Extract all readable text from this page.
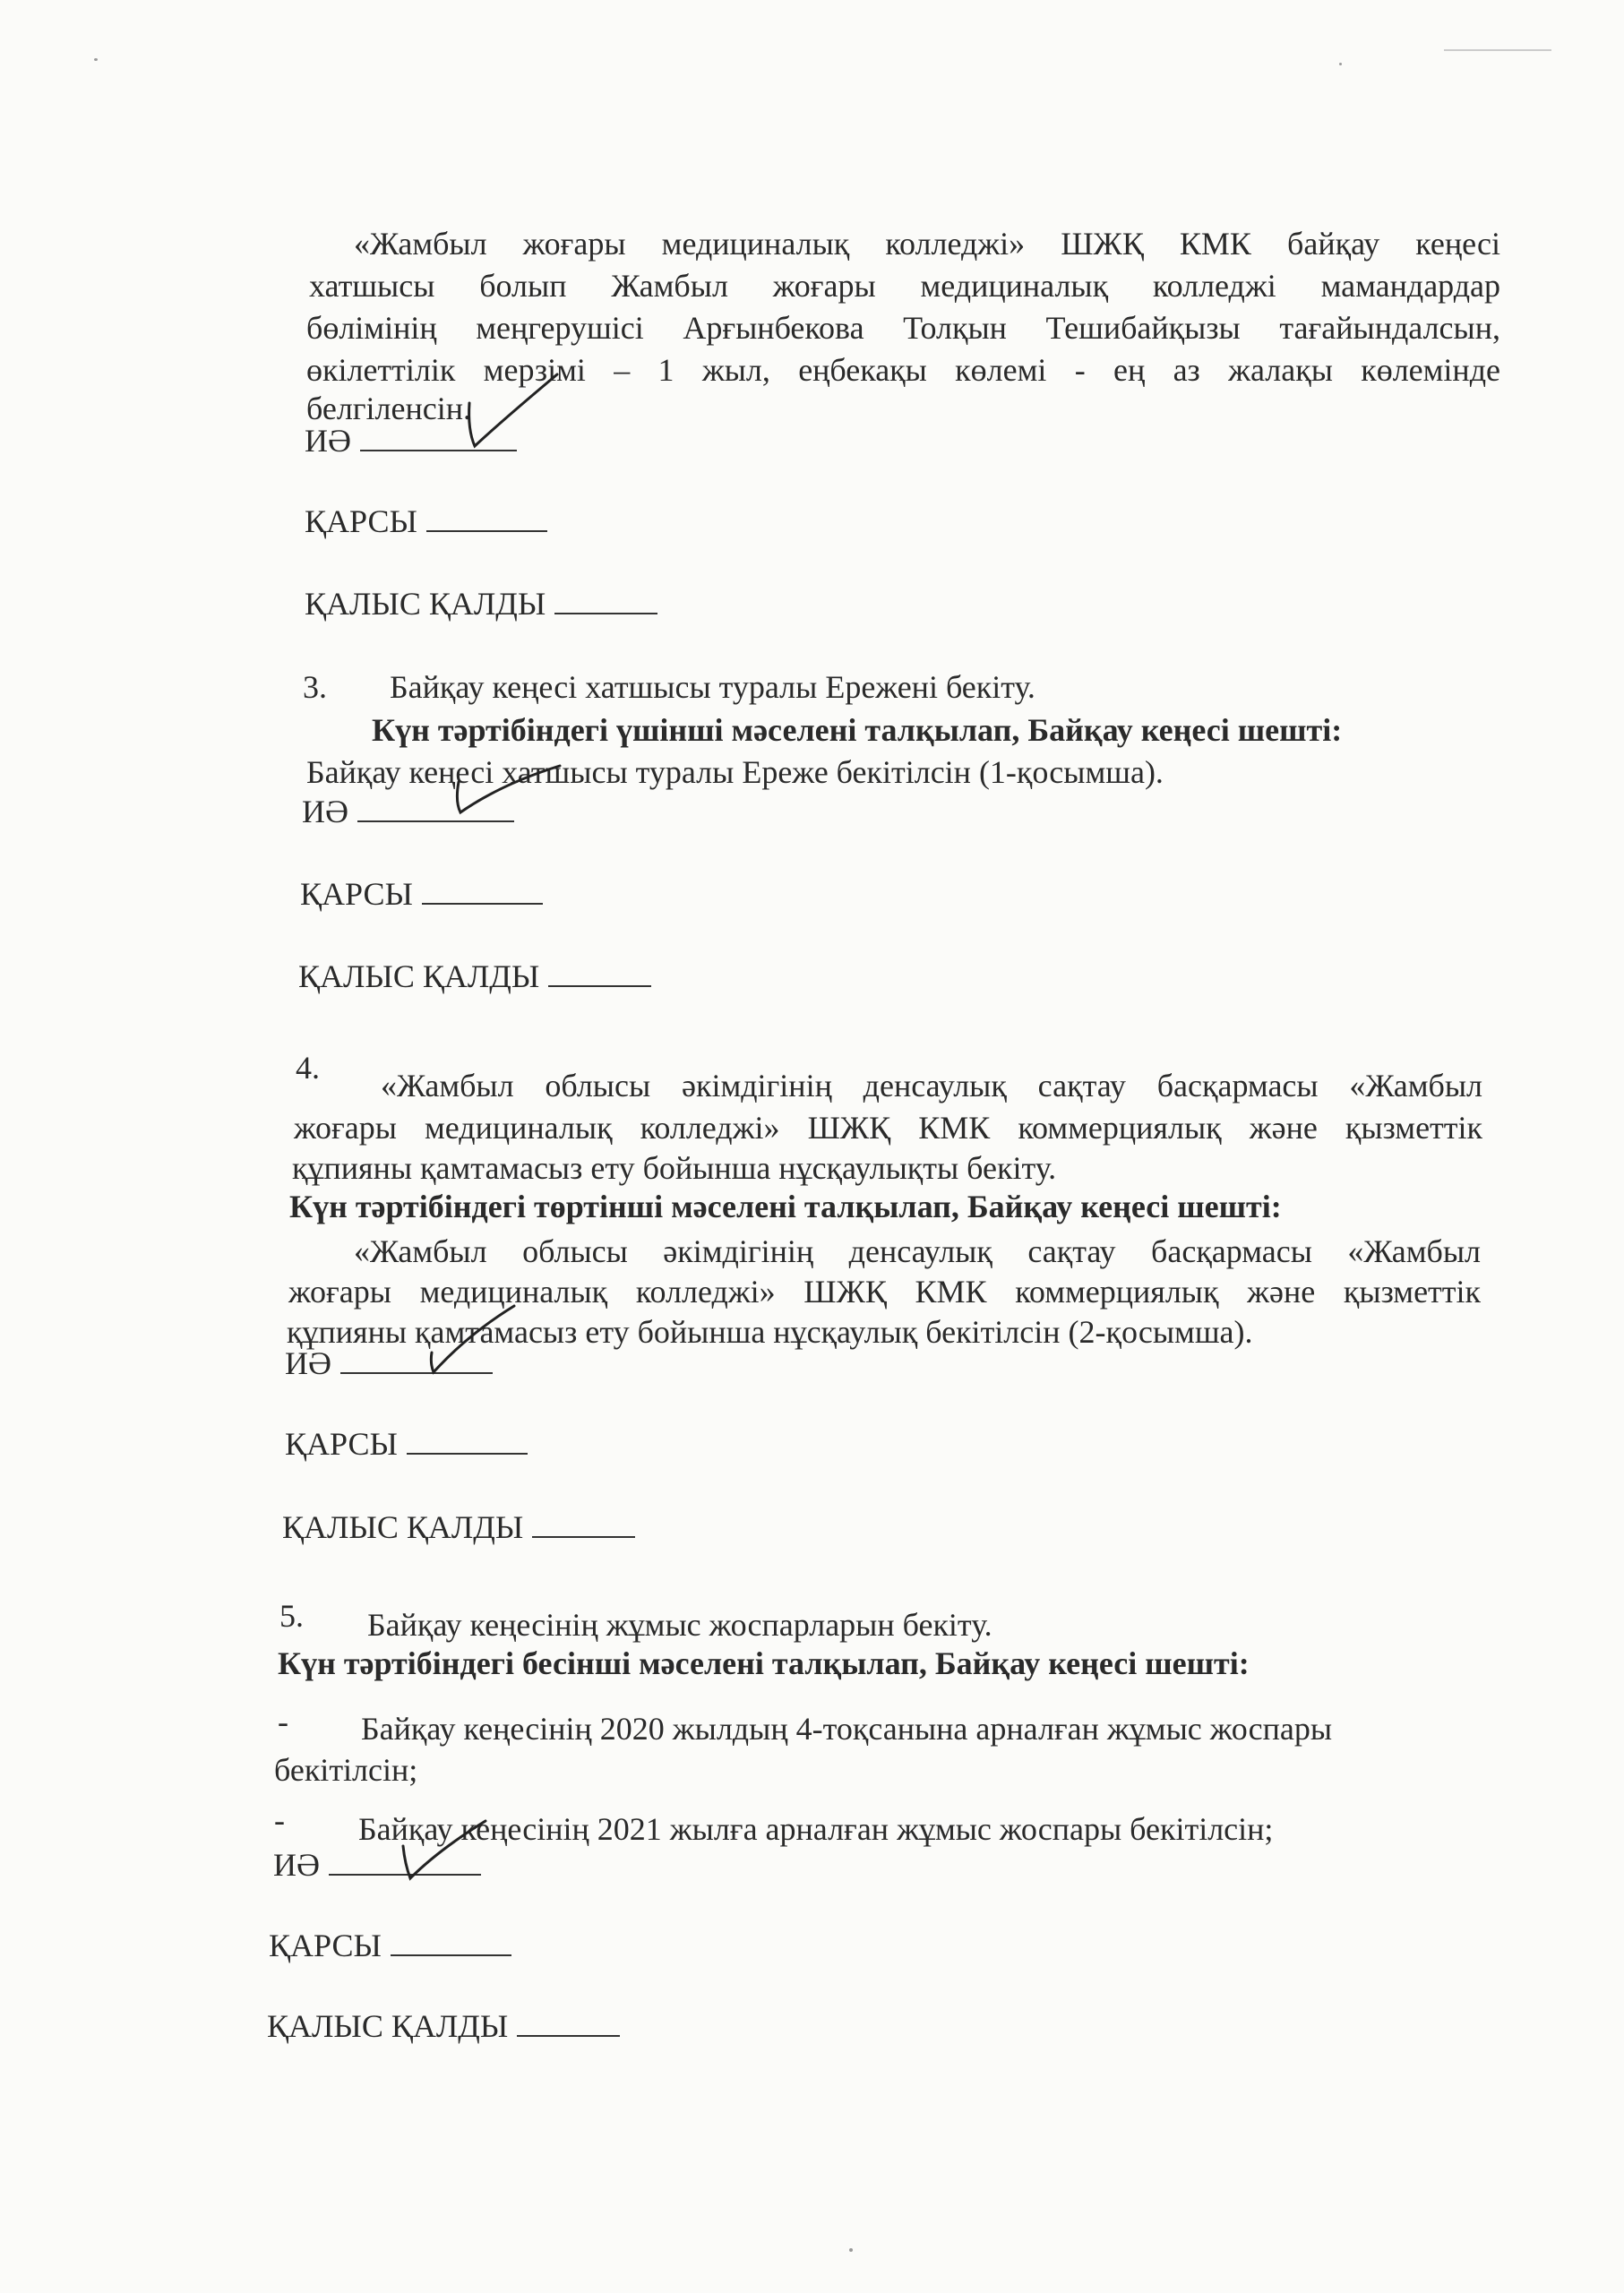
«Жамбыл жоғары медициналық колледжі» ШЖҚ КМК байқау кеңесі
хатшысы болып Жамбыл жоғары медициналық колледжі мамандардар
бөлімінің меңгерушісі Арғынбекова Толқын Тешибайқызы тағайындалсын,
өкілеттілік мерзімі – 1 жыл, еңбекақы көлемі - ең аз жалақы көлемінде
белгіленсін.
ИӘ
ҚАРСЫ
ҚАЛЫС ҚАЛДЫ
3. Байқау кеңесі хатшысы туралы Ережені бекіту.
Күн тәртібіндегі үшінші мәселені талқылап, Байқау кеңесі шешті:
Байқау кеңесі хатшысы туралы Ереже бекітілсін (1-қосымша).
ИӘ
ҚАРСЫ
ҚАЛЫС ҚАЛДЫ
4. «Жамбыл облысы әкімдігінің денсаулық сақтау басқармасы «Жамбыл
жоғары медициналық колледжі» ШЖҚ КМК коммерциялық және қызметтік
құпияны қамтамасыз ету бойынша нұсқаулықты бекіту.
Күн тәртібіндегі төртінші мәселені талқылап, Байқау кеңесі шешті:
«Жамбыл облысы әкімдігінің денсаулық сақтау басқармасы «Жамбыл
жоғары медициналық колледжі» ШЖҚ КМК коммерциялық және қызметтік
құпияны қамтамасыз ету бойынша нұсқаулық бекітілсін (2-қосымша).
ИӘ
ҚАРСЫ
ҚАЛЫС ҚАЛДЫ
5. Байқау кеңесінің жұмыс жоспарларын бекіту.
Күн тәртібіндегі бесінші мәселені талқылап, Байқау кеңесі шешті:
- Байқау кеңесінің 2020 жылдың 4-тоқсанына арналған жұмыс жоспары
бекітілсін;
- Байқау кеңесінің 2021 жылға арналған жұмыс жоспары бекітілсін;
ИӘ
ҚАРСЫ
ҚАЛЫС ҚАЛДЫ
